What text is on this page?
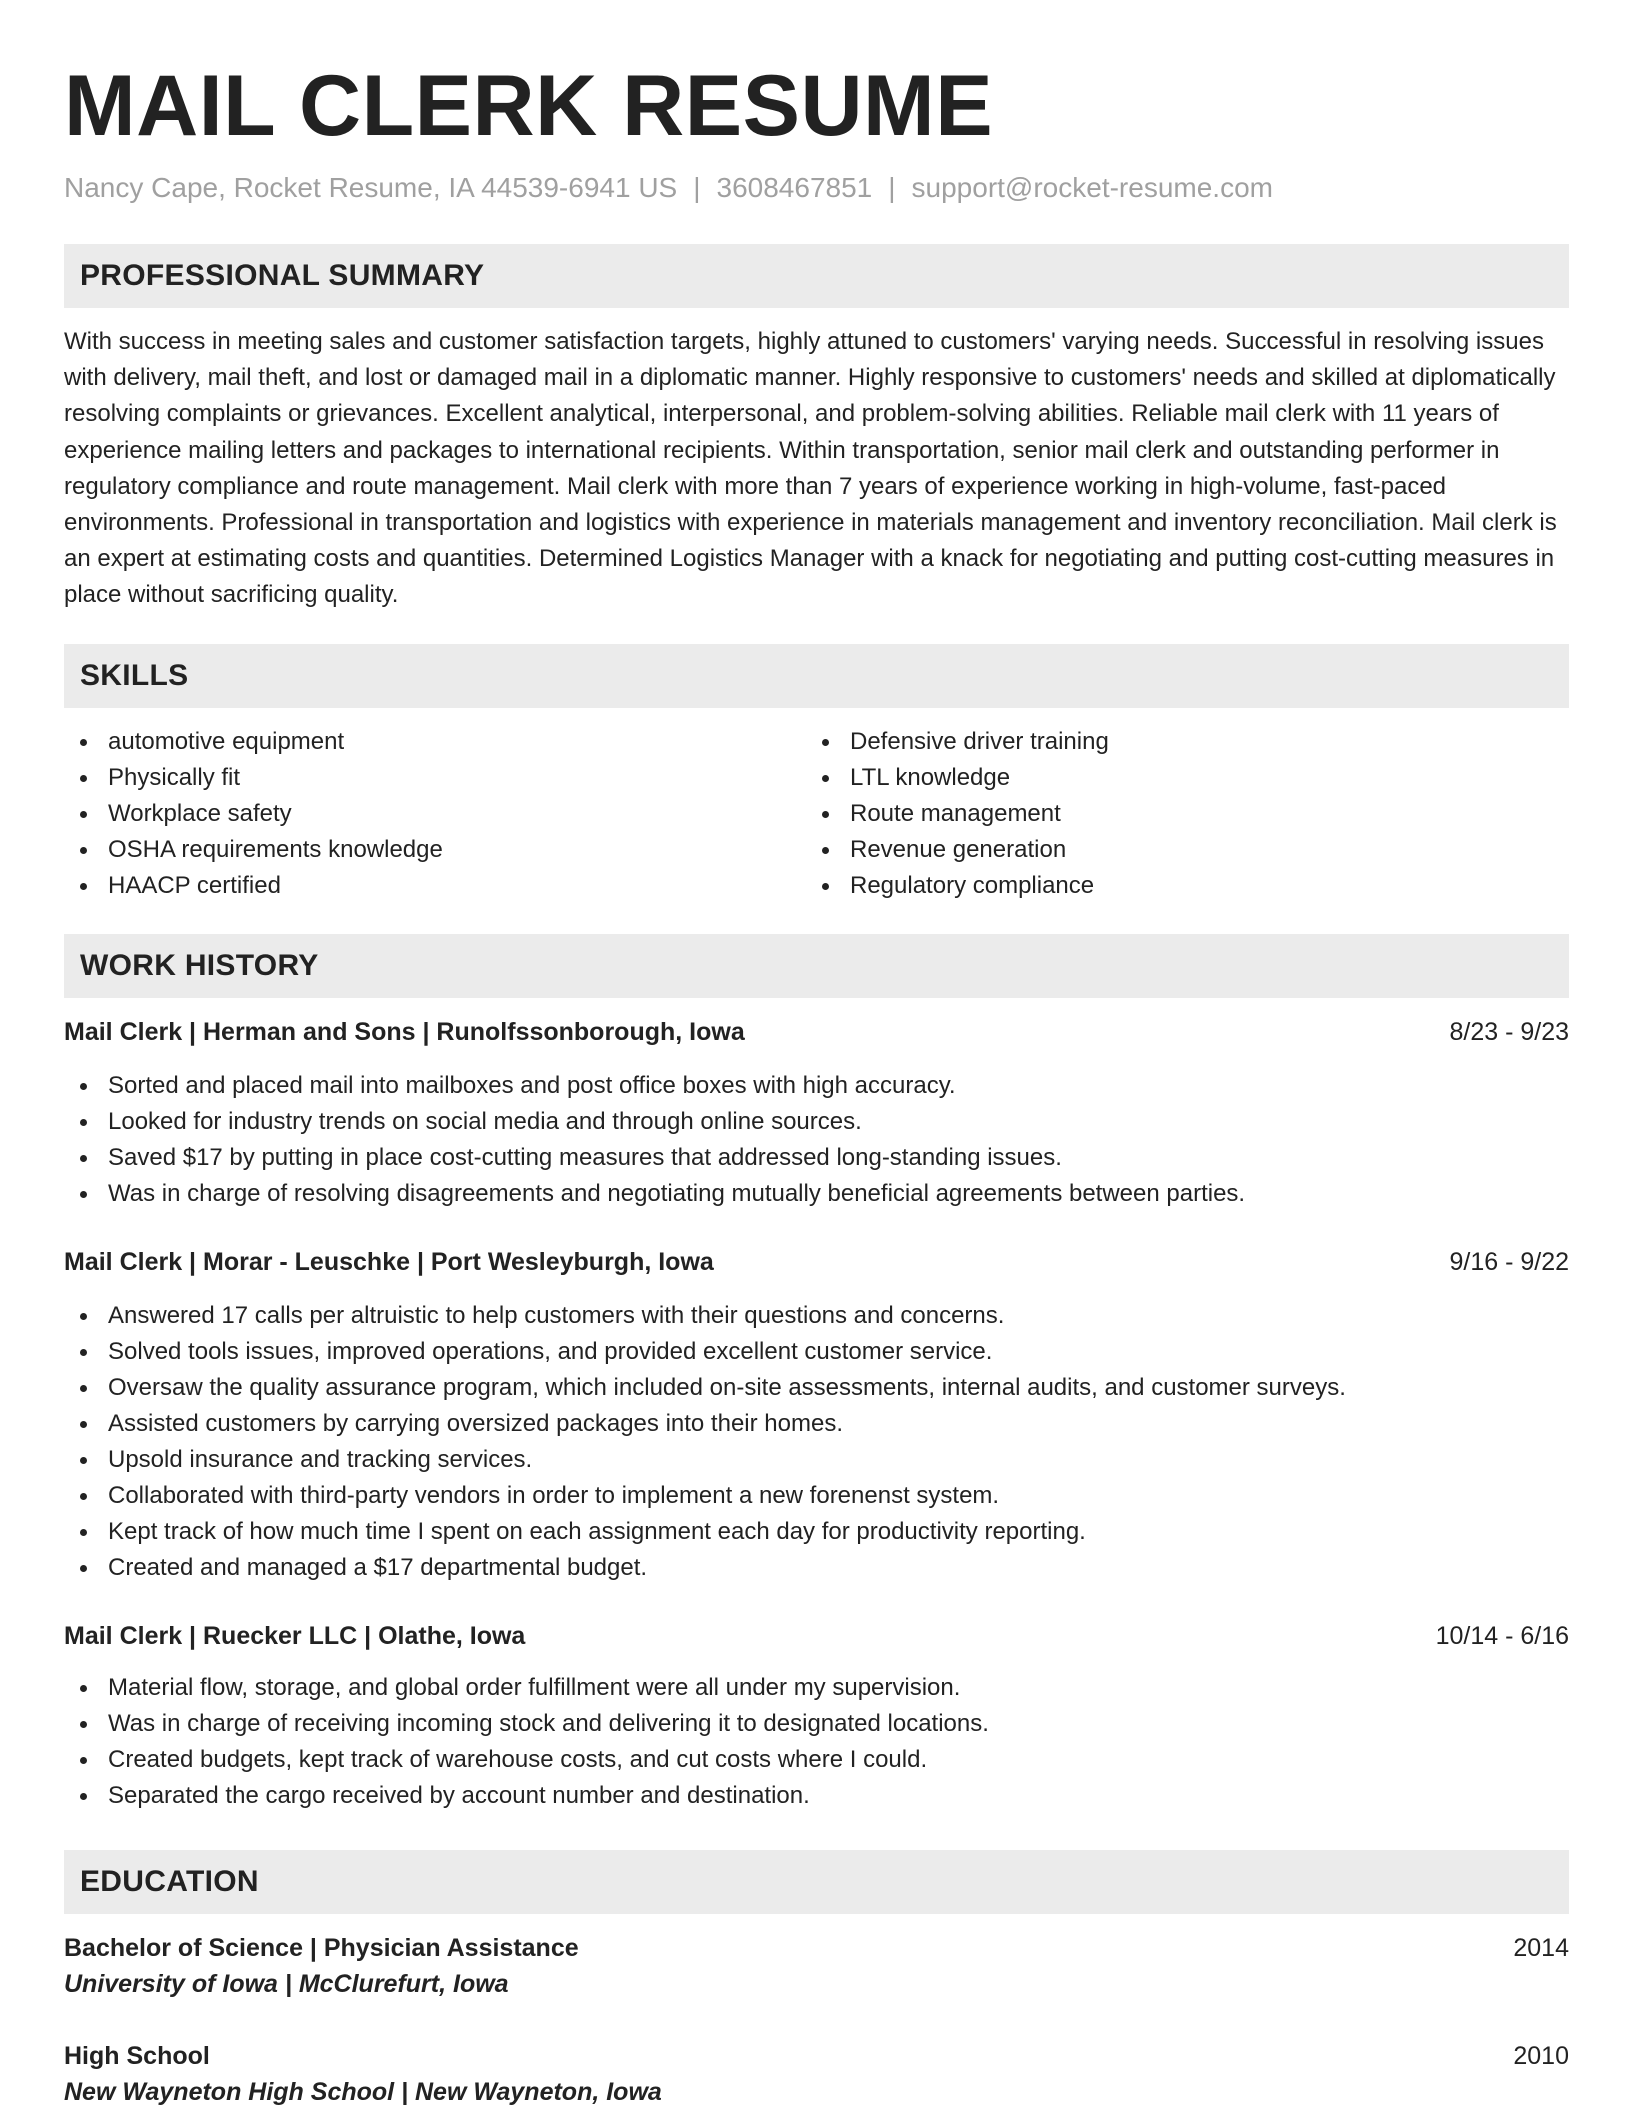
MAIL CLERK RESUME
Nancy Cape, Rocket Resume, IA 44539-6941 US | 3608467851 | support@rocket-resume.com
PROFESSIONAL SUMMARY

With success in meeting sales and customer satisfaction targets, highly attuned to customers' varying needs. Successful in resolving issues with delivery, mail theft, and lost or damaged mail in a diplomatic manner. Highly responsive to customers' needs and skilled at diplomatically resolving complaints or grievances. Excellent analytical, interpersonal, and problem-solving abilities. Reliable mail clerk with 11 years of experience mailing letters and packages to international recipients. Within transportation, senior mail clerk and outstanding performer in regulatory compliance and route management. Mail clerk with more than 7 years of experience working in high-volume, fast-paced environments. Professional in transportation and logistics with experience in materials management and inventory reconciliation. Mail clerk is an expert at estimating costs and quantities. Determined Logistics Manager with a knack for negotiating and putting cost-cutting measures in place without sacrificing quality.

SKILLS
automotive equipment
Physically fit
Workplace safety
OSHA requirements knowledge
HAACP certified
Defensive driver training
LTL knowledge
Route management
Revenue generation
Regulatory compliance
WORK HISTORY
Mail Clerk | Herman and Sons | Runolfssonborough, Iowa	8/23 - 9/23
Sorted and placed mail into mailboxes and post office boxes with high accuracy.
Looked for industry trends on social media and through online sources.
Saved $17 by putting in place cost-cutting measures that addressed long-standing issues.
Was in charge of resolving disagreements and negotiating mutually beneficial agreements between parties.
Mail Clerk | Morar - Leuschke | Port Wesleyburgh, Iowa	9/16 - 9/22
Answered 17 calls per altruistic to help customers with their questions and concerns.
Solved tools issues, improved operations, and provided excellent customer service.
Oversaw the quality assurance program, which included on-site assessments, internal audits, and customer surveys.
Assisted customers by carrying oversized packages into their homes.
Upsold insurance and tracking services.
Collaborated with third-party vendors in order to implement a new forenenst system.
Kept track of how much time I spent on each assignment each day for productivity reporting.
Created and managed a $17 departmental budget.
Mail Clerk | Ruecker LLC | Olathe, Iowa	10/14 - 6/16
Material flow, storage, and global order fulfillment were all under my supervision.
Was in charge of receiving incoming stock and delivering it to designated locations.
Created budgets, kept track of warehouse costs, and cut costs where I could.
Separated the cargo received by account number and destination.
EDUCATION
Bachelor of Science | Physician Assistance	2014
University of Iowa | McClurefurt, Iowa
High School	2010
New Wayneton High School | New Wayneton, Iowa
